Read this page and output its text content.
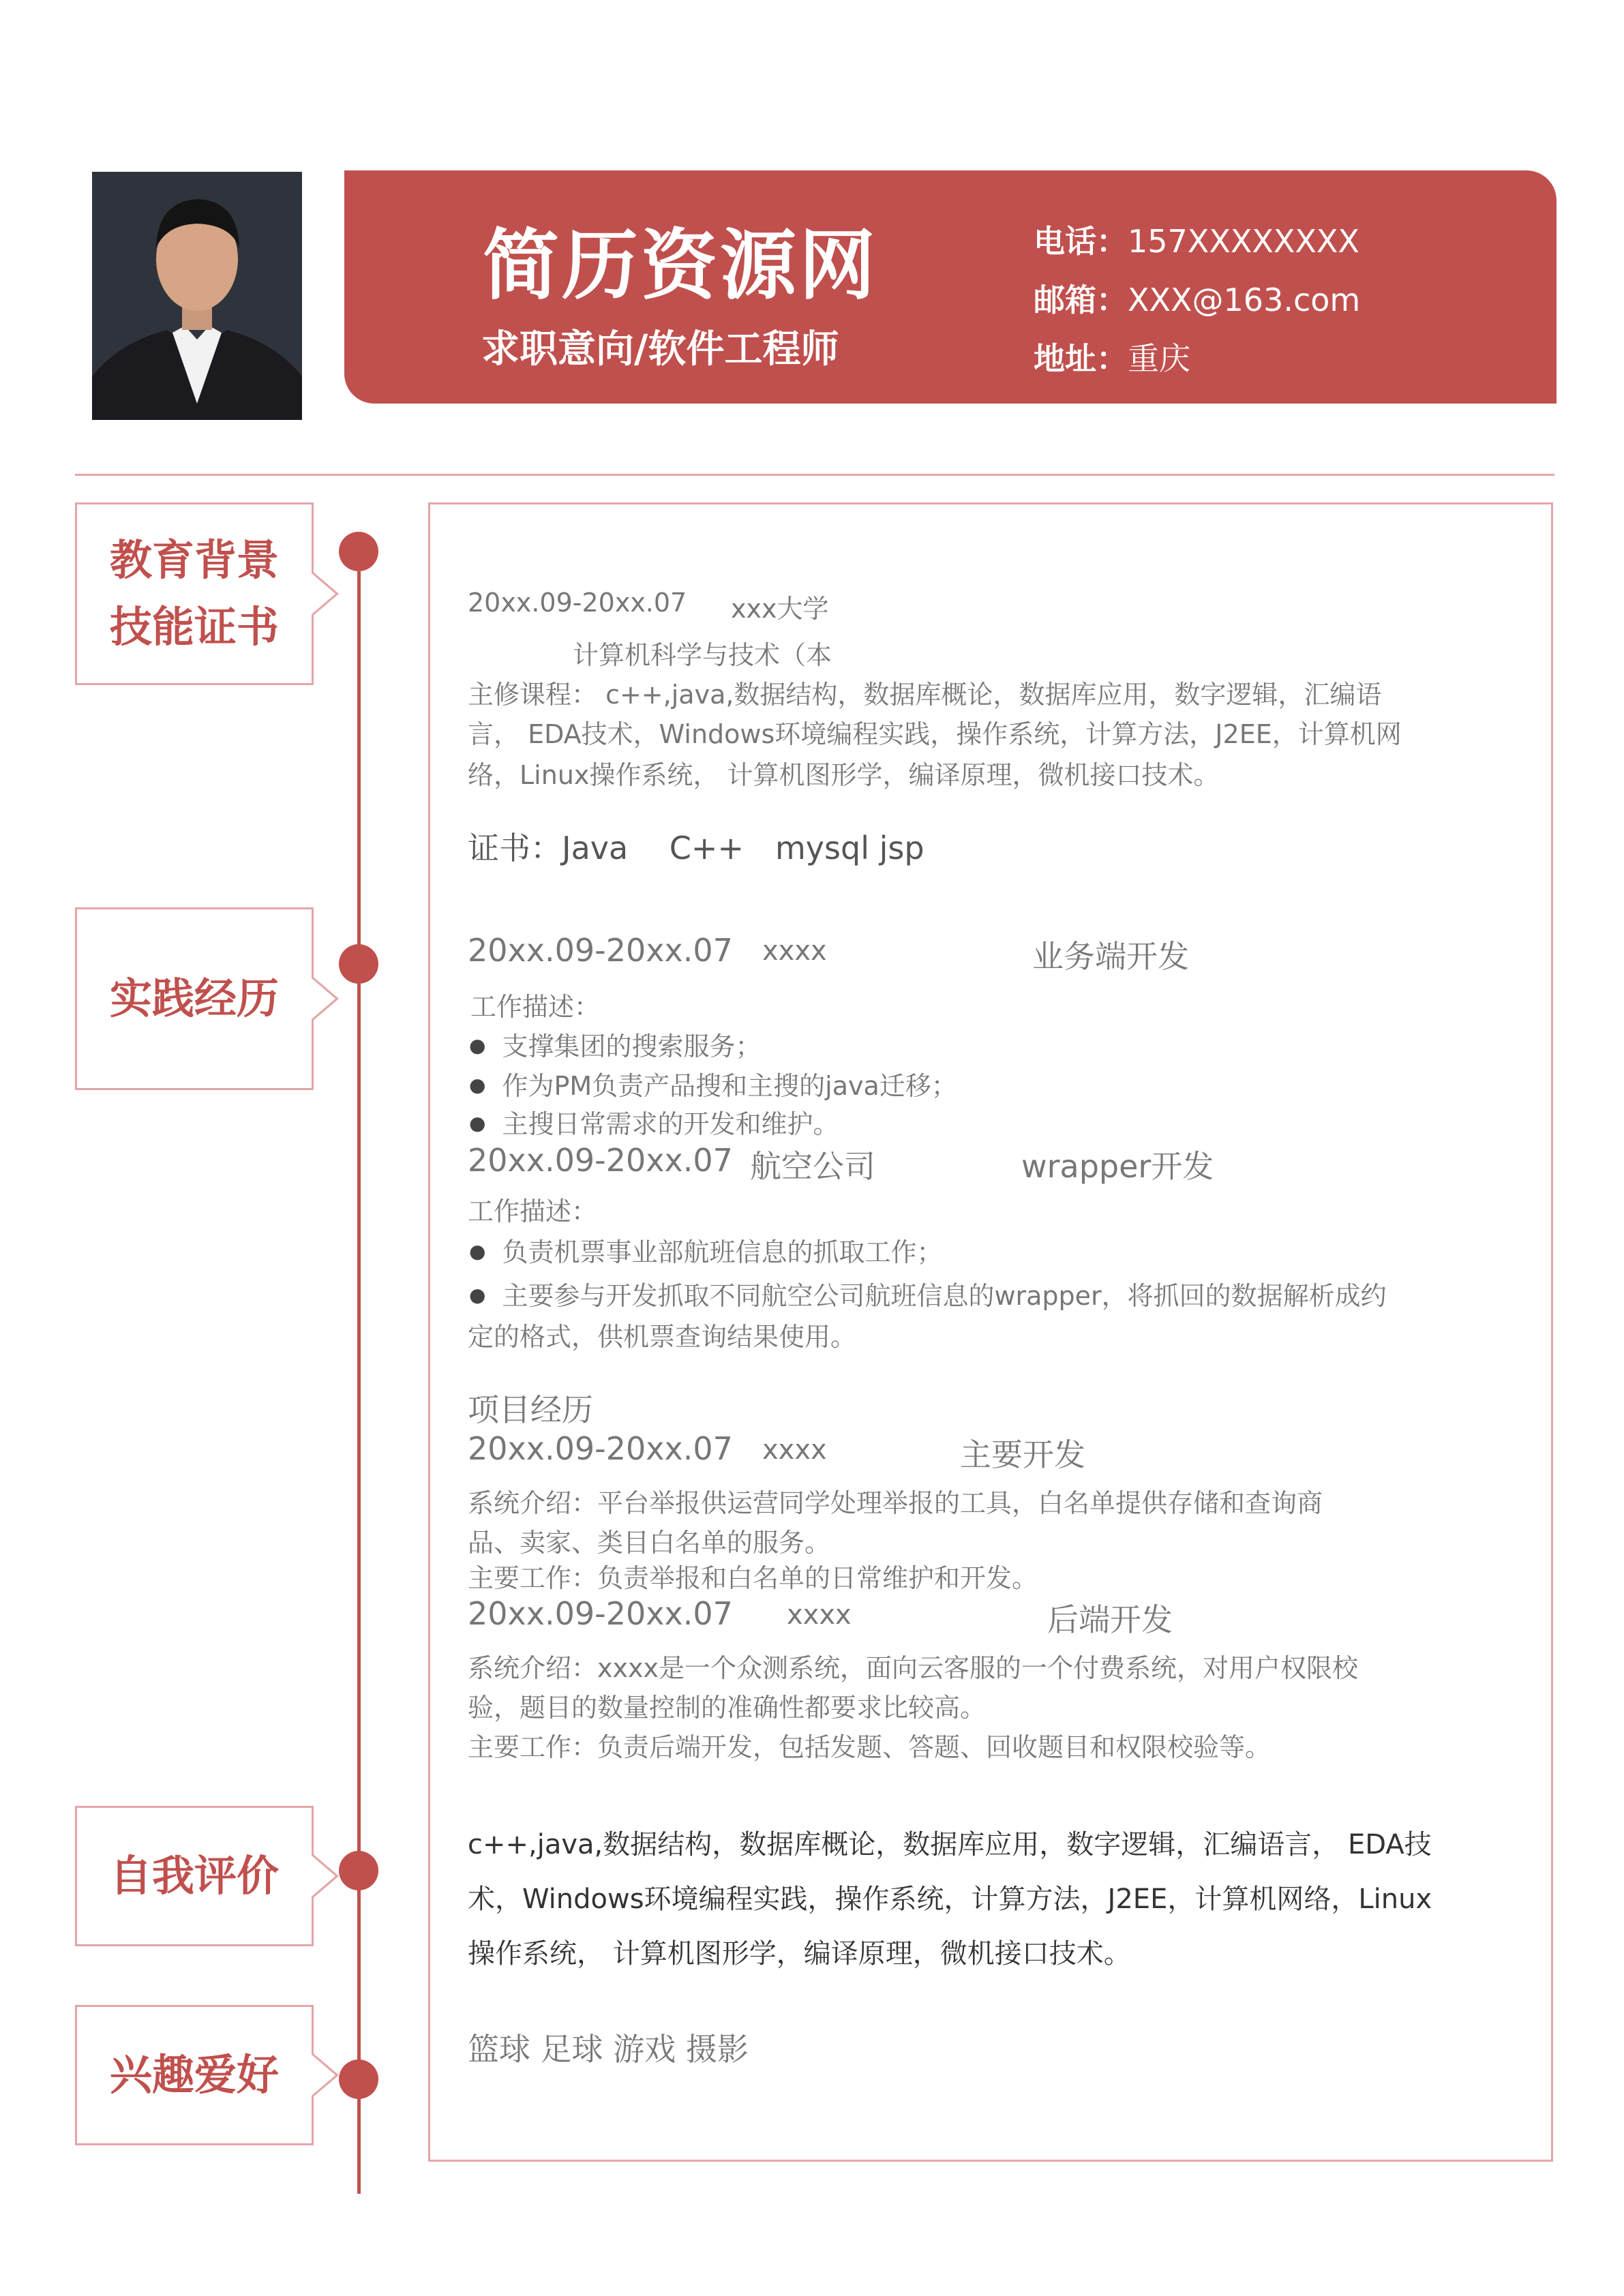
简历资源网
求职意向/软件工程师
电话：157XXXXXXXX
邮箱：XXX@163.com
地址：重庆
教育背景
技能证书
实践经历
自我评价
兴趣爱好
20xx.09-20xx.07 xxx大学
计算机科学与技术（本
主修课程： c++,java,数据结构，数据库概论，数据库应用，数字逻辑，汇编语
言， EDA技术，Windows环境编程实践，操作系统，计算方法，J2EE，计算机网
络，Linux操作系统， 计算机图形学，编译原理，微机接口技术。
证书：Java　 C++　mysql jsp
20xx.09-20xx.07 xxxx	业务端开发
工作描述：
● 支撑集团的搜索服务；
● 作为PM负责产品搜和主搜的java迁移；
● 主搜日常需求的开发和维护。
20xx.09-20xx.07 航空公司	wrapper开发
工作描述：
● 负责机票事业部航班信息的抓取工作；
● 主要参与开发抓取不同航空公司航班信息的wrapper，将抓回的数据解析成约
定的格式，供机票查询结果使用。
项目经历
20xx.09-20xx.07 xxxx	主要开发
系统介绍：平台举报供运营同学处理举报的工具，白名单提供存储和查询商
品、卖家、类目白名单的服务。
主要工作：负责举报和白名单的日常维护和开发。
20xx.09-20xx.07 xxxx	后端开发
系统介绍：xxxx是一个众测系统，面向云客服的一个付费系统，对用户权限校
验，题目的数量控制的准确性都要求比较高。
主要工作：负责后端开发，包括发题、答题、回收题目和权限校验等。
c++,java,数据结构，数据库概论，数据库应用，数字逻辑，汇编语言， EDA技
术，Windows环境编程实践，操作系统，计算方法，J2EE，计算机网络，Linux
操作系统， 计算机图形学，编译原理，微机接口技术。
篮球 足球 游戏 摄影
